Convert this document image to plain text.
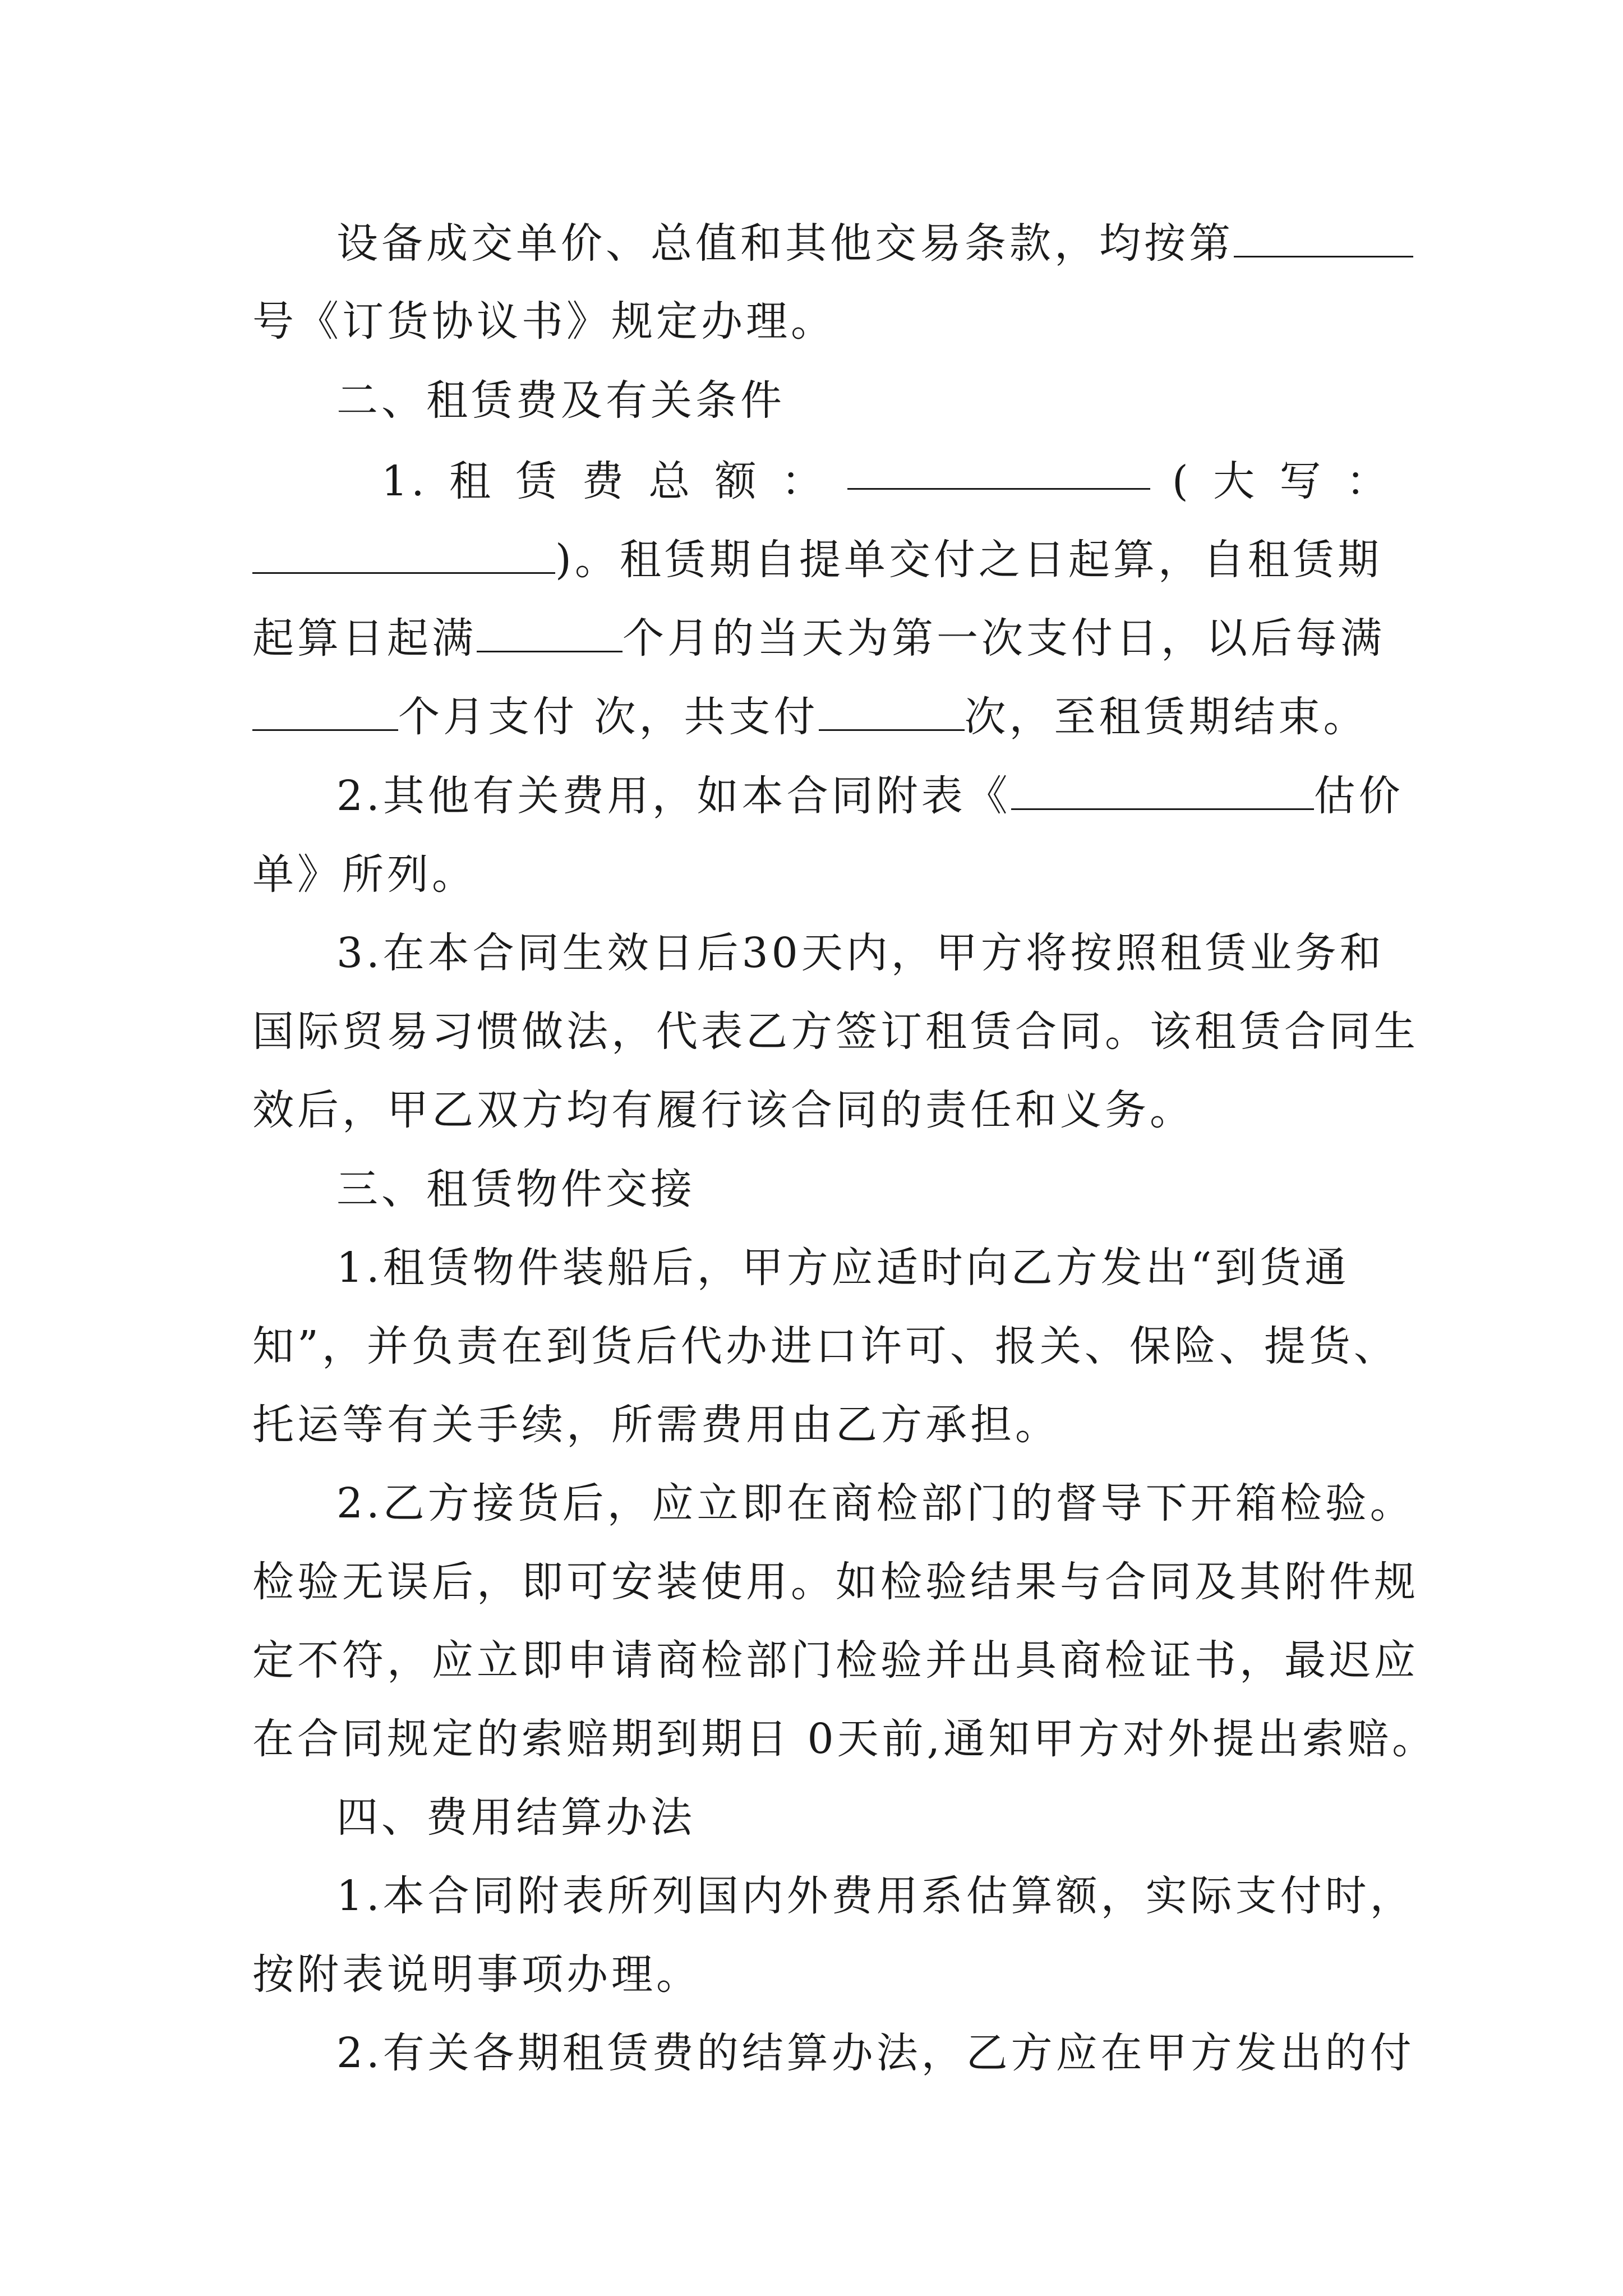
设备成交单价、总值和其他交易条款，均按第
号《订货协议书》规定办理。
二、租赁费及有关条件
1. 租 赁 费 总 额 ：	( 大 写 ：
)。租赁期自提单交付之日起算，自租赁期
起算日起满	个月的当天为第一次支付日，以后每满
个月支付 次，共支付	次，至租赁期结束。
2.其他有关费用，如本合同附表《	估价
单》所列。
3.在本合同生效日后30天内，甲方将按照租赁业务和
国际贸易习惯做法，代表乙方签订租赁合同。该租赁合同生
效后，甲乙双方均有履行该合同的责任和义务。
三、租赁物件交接
1.租赁物件装船后，甲方应适时向乙方发出“到货通
知”，并负责在到货后代办进口许可、报关、保险、提货、
托运等有关手续，所需费用由乙方承担。
2.乙方接货后，应立即在商检部门的督导下开箱检验。
检验无误后，即可安装使用。如检验结果与合同及其附件规
定不符，应立即申请商检部门检验并出具商检证书，最迟应
在合同规定的索赔期到期日 0天前,通知甲方对外提出索赔。
四、费用结算办法
1.本合同附表所列国内外费用系估算额，实际支付时，
按附表说明事项办理。
2.有关各期租赁费的结算办法，乙方应在甲方发出的付
